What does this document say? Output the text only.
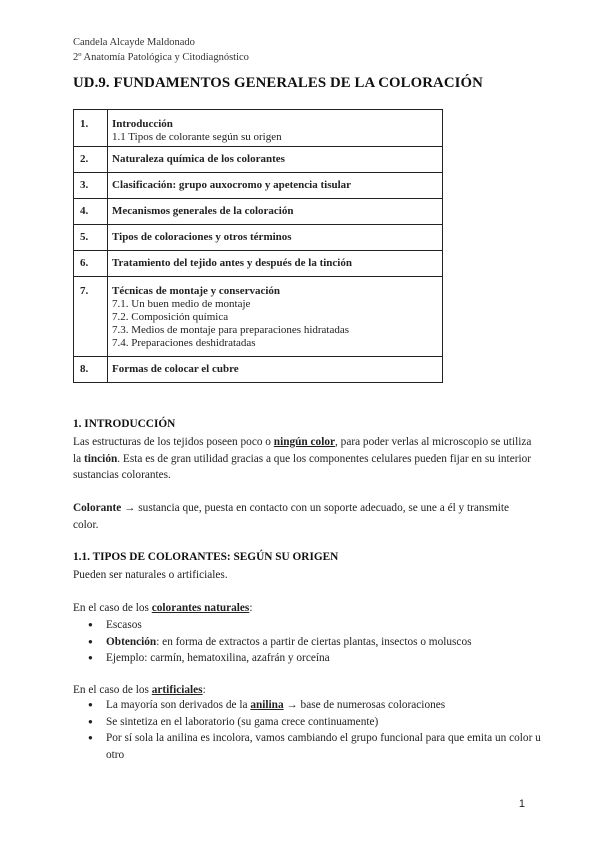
Candela Alcayde Maldonado
2º Anatomía Patológica y Citodiagnóstico
UD.9. FUNDAMENTOS GENERALES DE LA COLORACIÓN
1.	Introducción
1.1 Tipos de colorante según su origen

2.	Naturaleza química de los colorantes
3.	Clasificación: grupo auxocromo y apetencia tisular
4.	Mecanismos generales de la coloración
5.	Tipos de coloraciones y otros términos
6.	Tratamiento del tejido antes y después de la tinción
7.	Técnicas de montaje y conservación
7.1. Un buen medio de montaje
7.2. Composición química
7.3. Medios de montaje para preparaciones hidratadas
7.4. Preparaciones deshidratadas

8.	Formas de colocar el cubre
1. INTRODUCCIÓN
Las estructuras de los tejidos poseen poco o ningún color, para poder verlas al microscopio se utiliza la tinción. Esta es de gran utilidad gracias a que los componentes celulares pueden fijar en su interior sustancias colorantes.
Colorante → sustancia que, puesta en contacto con un soporte adecuado, se une a él y transmite color.
1.1. TIPOS DE COLORANTES: SEGÚN SU ORIGEN
Pueden ser naturales o artificiales.
En el caso de los colorantes naturales:
● Escasos
● Obtención: en forma de extractos a partir de ciertas plantas, insectos o moluscos
● Ejemplo: carmín, hematoxilina, azafrán y orceína
En el caso de los artificiales:
● La mayoría son derivados de la anilina → base de numerosas coloraciones
● Se sintetiza en el laboratorio (su gama crece continuamente)
● Por sí sola la anilina es incolora, vamos cambiando el grupo funcional para que emita un color u otro
1
